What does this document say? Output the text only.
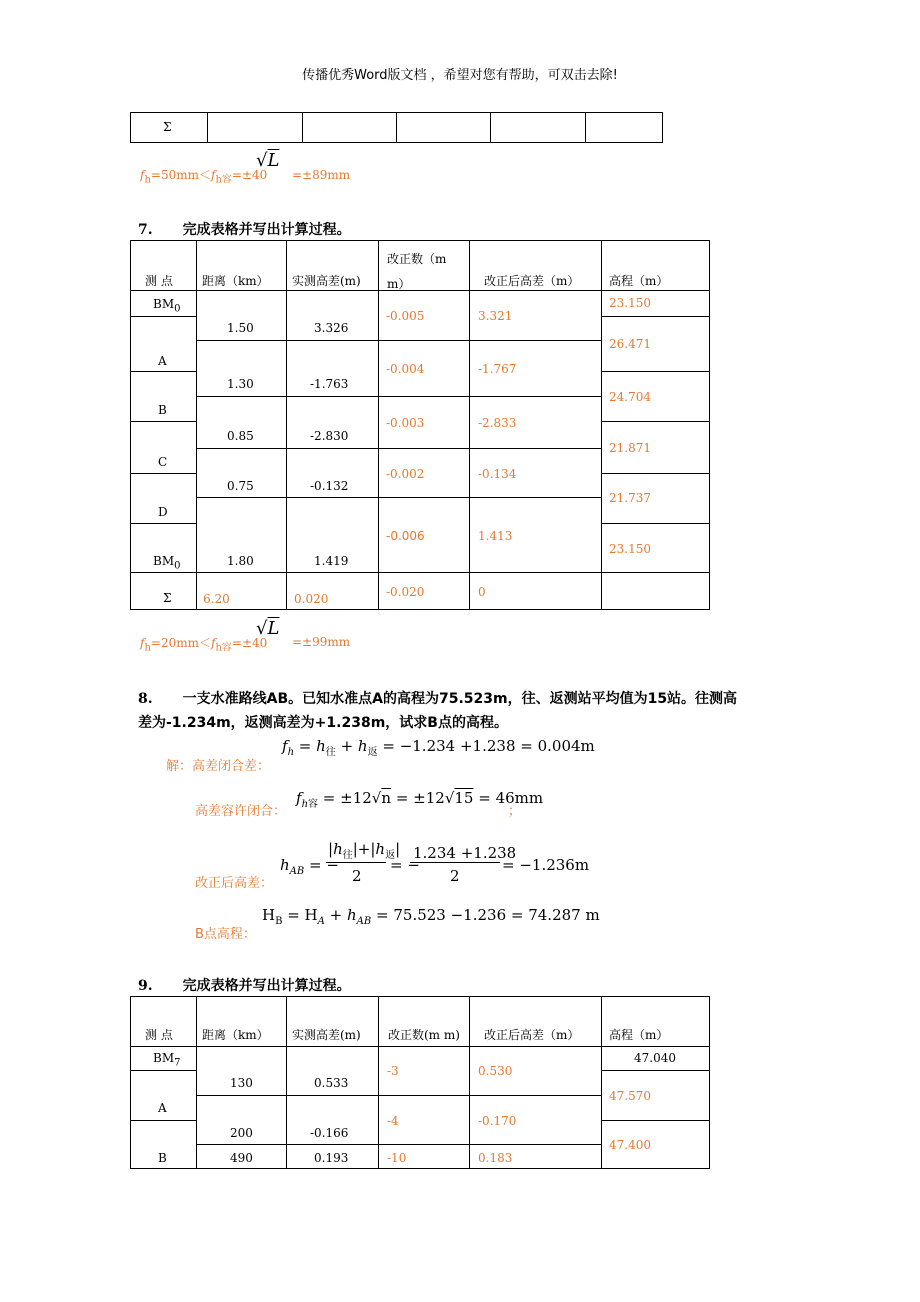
传播优秀Word版文档 ，希望对您有帮助，可双击去除!
Σ
$f_h=50mm<f_{h容}=\pm 40$
√L
=±89mm
7. 完成表格并写出计算过程。
测 点 距离（km） 实测高差(m)
改正数（m m）	改正后高差（m） 高程（m）
$BM_0$
A
B
C
D
$BM_0$
Σ
1.50
1.30
0.85
0.75
1.80
6.20
3.326
-1.763
-2.830
-0.132
1.419
0.020
-0.005
-0.004
-0.003
-0.002
-0.006
-0.020
3.321
-1.767
-2.833
-0.134
1.413
0
23.150
26.471
24.704
21.871
21.737
23.150
$f_h=20mm<f_{h容}=\pm 40$
√L
=±99mm
8. 一支水准路线AB。已知水准点A的高程为75.523m，往、返测站平均值为15站。往测高
差为-1.234m，返测高差为+1.238m，试求B点的高程。
解：高差闭合差：
$f_h = h_往 + h_返 = -1.234 +1.238 = 0.004m$
高差容许闭合：
$f_{h容} = \pm 12√n = \pm 12√15 = 46mm$
；
改正后高差：
$h_{AB}$ = −
$|h_往|+|h_返|$
2
= −
1.234 +1.238
2
= −1.236m
B点高程：
$H_B = H_A + h_{AB} = 75.523 -1.236 = 74.287$ m
9. 完成表格并写出计算过程。
测 点 距离（km） 实测高差(m) 改正数(m m) 改正后高差（m） 高程（m）
$BM_7$
A
B
130
200
490
0.533
-0.166
0.193
-3
-4
-10
0.530
-0.170
0.183
47.040
47.570
47.400
